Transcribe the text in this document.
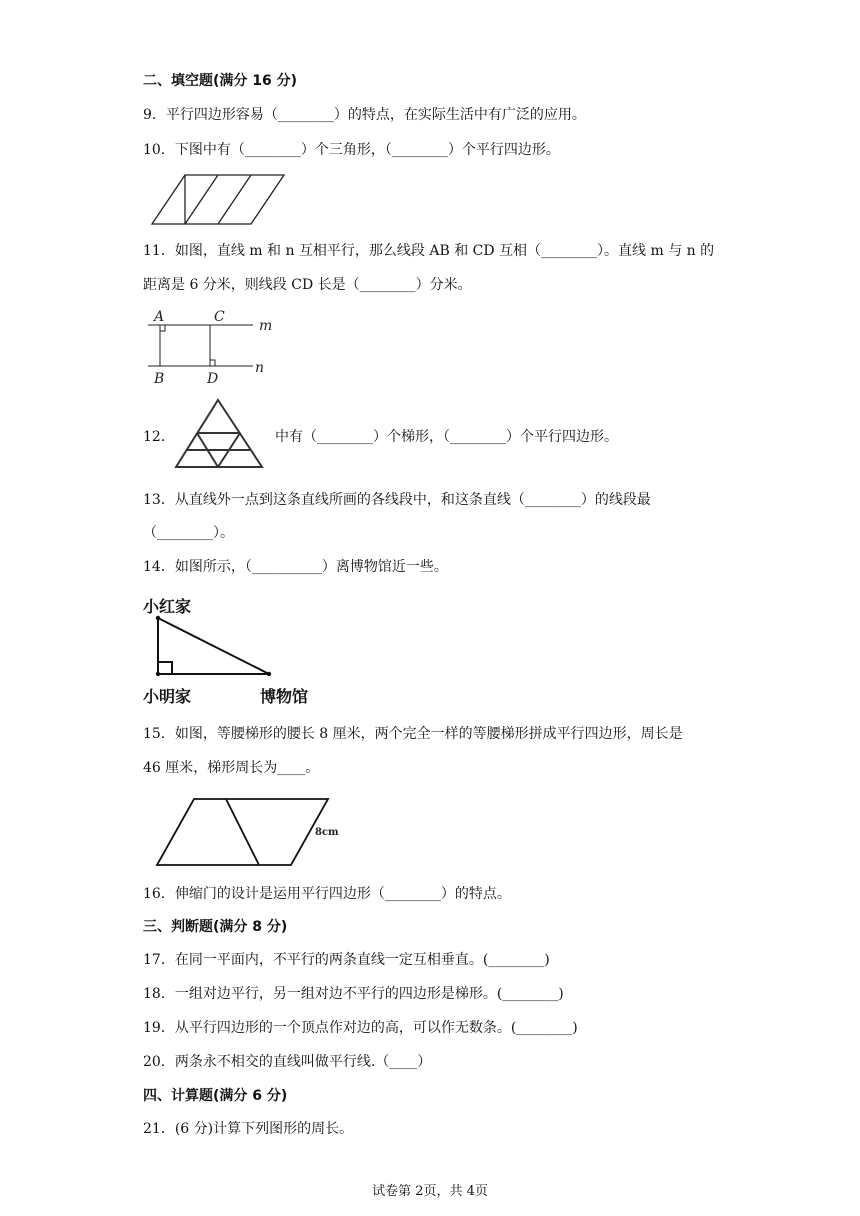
二、填空题(满分 16 分)
9．平行四边形容易（________）的特点，在实际生活中有广泛的应用。
10．下图中有（________）个三角形，（________）个平行四边形。
11．如图，直线 m 和 n 互相平行，那么线段 AB 和 CD 互相（________）。直线 m 与 n 的
距离是 6 分米，则线段 CD 长是（________）分米。
A	C
m
B	D
n
12．	中有（________）个梯形，（________）个平行四边形。
13．从直线外一点到这条直线所画的各线段中，和这条直线（________）的线段最
（________）。
14．如图所示，（__________）离博物馆近一些。
小红家
小明家	博物馆
15．如图，等腰梯形的腰长 8 厘米，两个完全一样的等腰梯形拼成平行四边形，周长是
46 厘米，梯形周长为____。
8cm
16．伸缩门的设计是运用平行四边形（________）的特点。
三、判断题(满分 8 分)
17．在同一平面内，不平行的两条直线一定互相垂直。(________)
18．一组对边平行，另一组对边不平行的四边形是梯形。(________)
19．从平行四边形的一个顶点作对边的高，可以作无数条。(________)
20．两条永不相交的直线叫做平行线.（____）
四、计算题(满分 6 分)
21．(6 分)计算下列图形的周长。
试卷第 2页，共 4页
